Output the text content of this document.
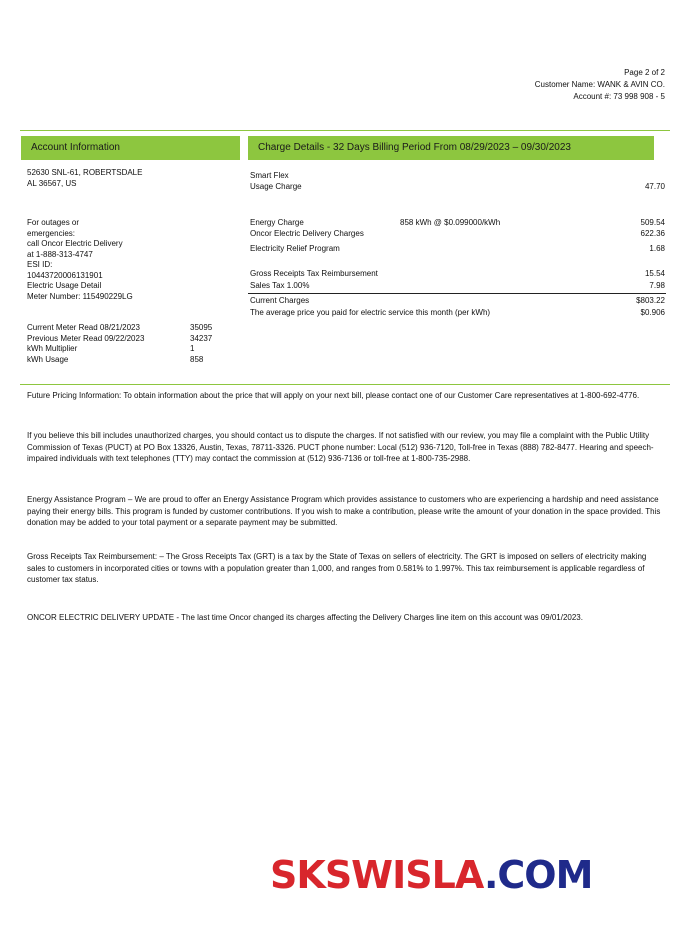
Page 2 of 2
Customer Name: WANK & AVIN CO.
Account #: 73 998 908 - 5
Account Information	Charge Details - 32 Days Billing Period From 08/29/2023 – 09/30/2023
52630 SNL-61, ROBERTSDALE
AL 36567, US
For outages or
emergencies:
call Oncor Electric Delivery
at 1-888-313-4747
ESI ID:
10443720006131901
Electric Usage Detail
Meter Number: 115490229LG
Current Meter Read 08/21/2023	35095
Previous Meter Read 09/22/2023	34237
kWh Multiplier	1
kWh Usage	858
Smart Flex
Usage Charge	47.70
Energy Charge	858 kWh @ $0.099000/kWh	509.54
Oncor Electric Delivery Charges	622.36
Electricity Relief Program	1.68
Gross Receipts Tax Reimbursement	15.54
Sales Tax 1.00%	7.98
Current Charges	$803.22
The average price you paid for electric service this month (per kWh)	$0.906
Future Pricing Information: To obtain information about the price that will apply on your next bill, please contact one of our Customer Care representatives at 1-800-692-4776.
If you believe this bill includes unauthorized charges, you should contact us to dispute the charges. If not satisfied with our review, you may file a complaint with the Public Utility Commission of Texas (PUCT) at PO Box 13326, Austin, Texas, 78711-3326. PUCT phone number: Local (512) 936-7120, Toll-free in Texas (888) 782-8477. Hearing and speech-impaired individuals with text telephones (TTY) may contact the commission at (512) 936-7136 or toll-free at 1-800-735-2988.
Energy Assistance Program – We are proud to offer an Energy Assistance Program which provides assistance to customers who are experiencing a hardship and need assistance paying their energy bills. This program is funded by customer contributions. If you wish to make a contribution, please write the amount of your donation in the space provided. This donation may be added to your total payment or a separate payment may be submitted.
Gross Receipts Tax Reimbursement: – The Gross Receipts Tax (GRT) is a tax by the State of Texas on sellers of electricity. The GRT is imposed on sellers of electricity making sales to customers in incorporated cities or towns with a population greater than 1,000, and ranges from 0.581% to 1.997%. This tax reimbursement is applicable regardless of customer tax status.
ONCOR ELECTRIC DELIVERY UPDATE - The last time Oncor changed its charges affecting the Delivery Charges line item on this account was 09/01/2023.
SKSWISLA.COM
